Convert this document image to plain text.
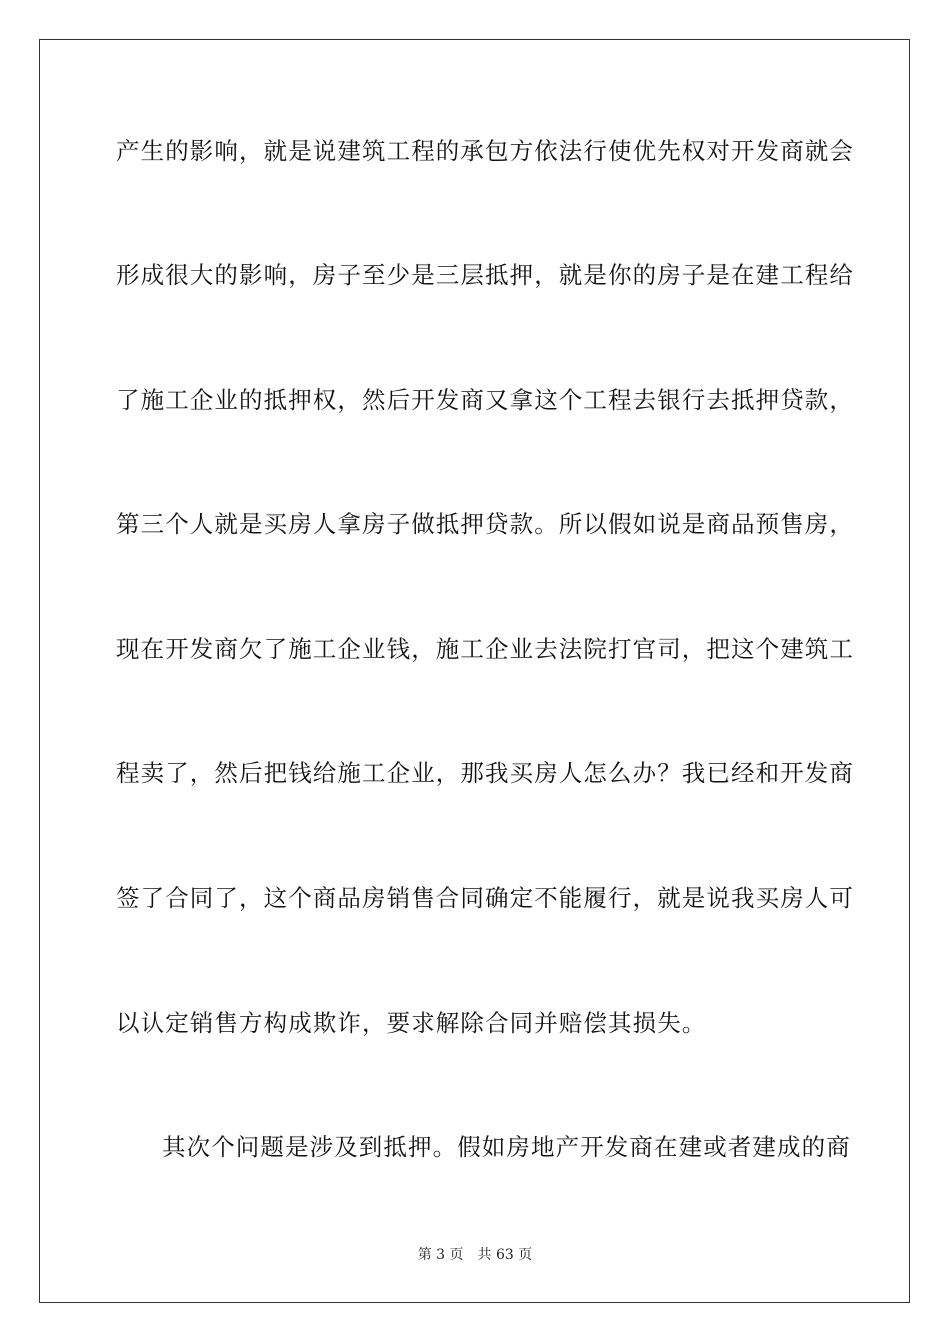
产生的影响，就是说建筑工程的承包方依法行使优先权对开发商就会
形成很大的影响，房子至少是三层抵押，就是你的房子是在建工程给
了施工企业的抵押权，然后开发商又拿这个工程去银行去抵押贷款，
第三个人就是买房人拿房子做抵押贷款。所以假如说是商品预售房，
现在开发商欠了施工企业钱，施工企业去法院打官司，把这个建筑工
程卖了，然后把钱给施工企业，那我买房人怎么办？我已经和开发商
签了合同了，这个商品房销售合同确定不能履行，就是说我买房人可
以认定销售方构成欺诈，要求解除合同并赔偿其损失。
其次个问题是涉及到抵押。假如房地产开发商在建或者建成的商
第 3 页 共 63 页
